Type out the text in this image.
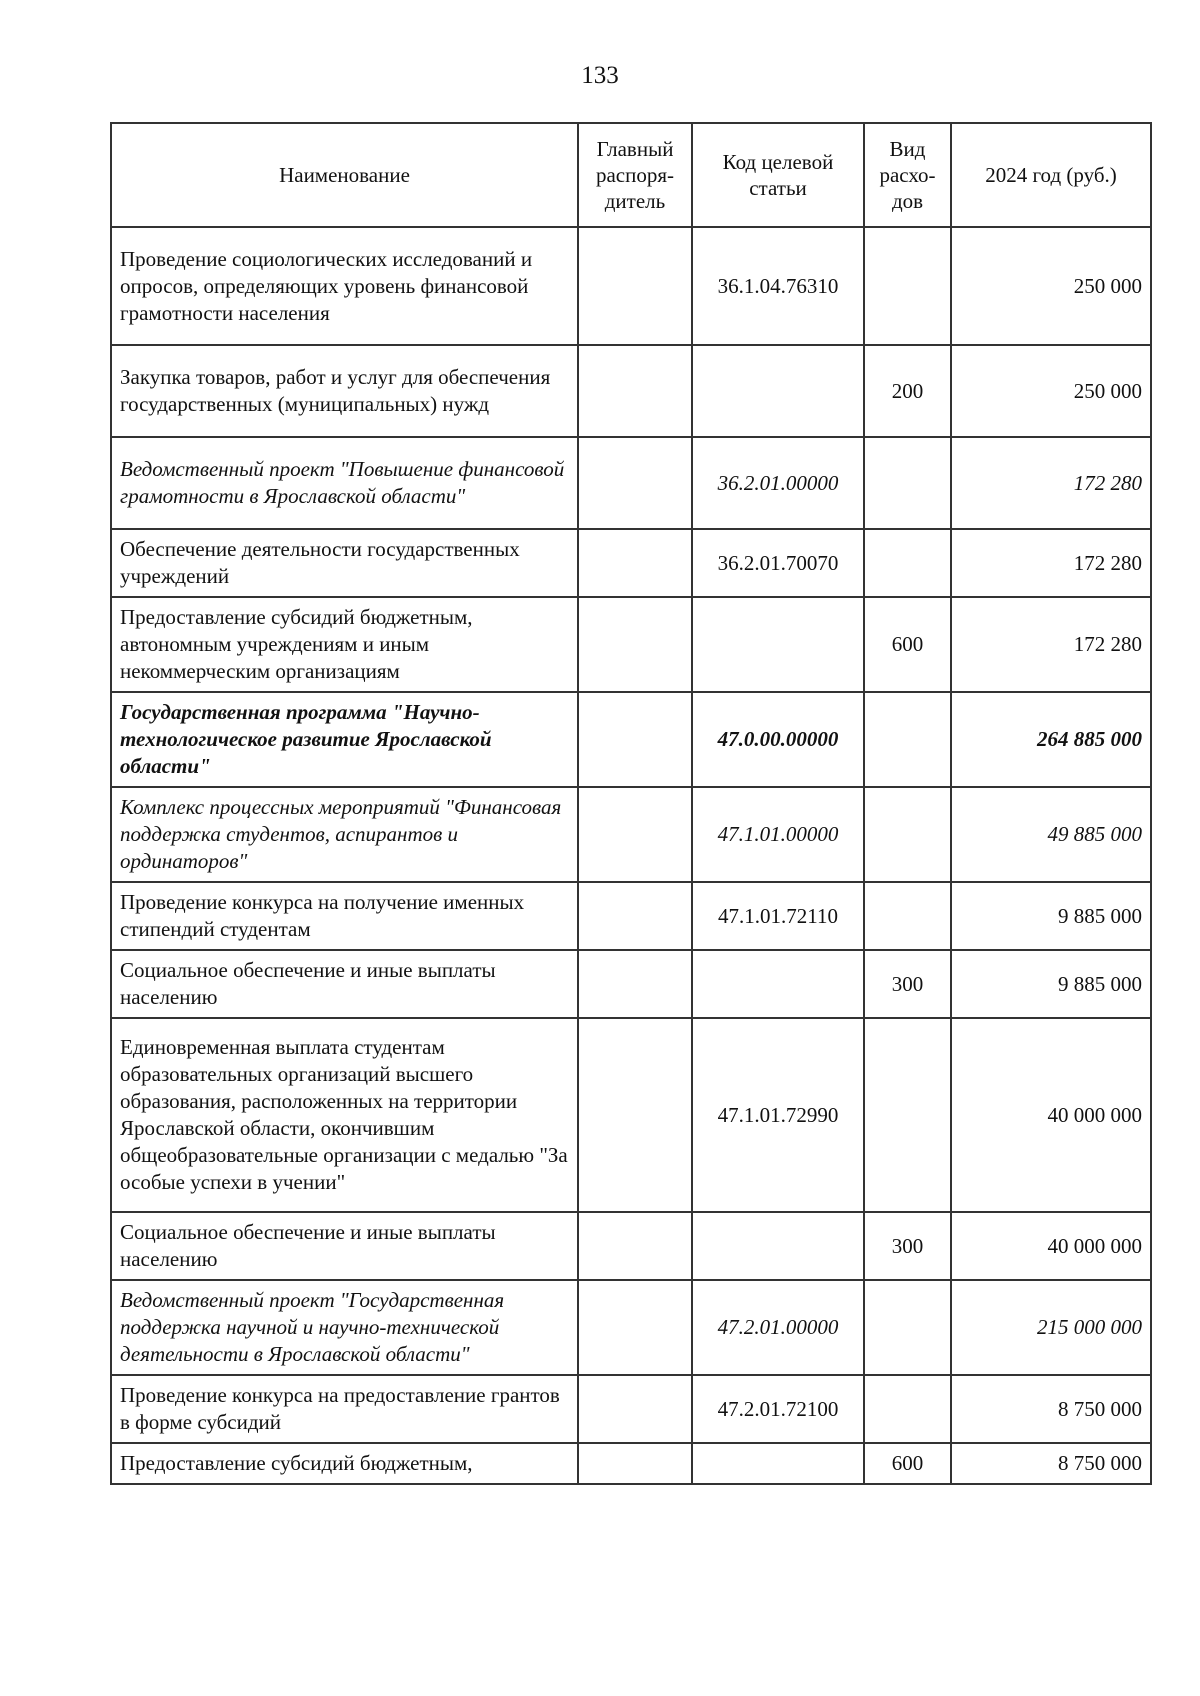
133
Наименование	Главный распоря-дитель	Код целевой статьи	Вид расхо-дов	2024 год (руб.)
Проведение социологических исследований и опросов, определяющих уровень финансовой грамотности населения		36.1.04.76310		250 000
Закупка товаров, работ и услуг для обеспечения государственных (муниципальных) нужд			200	250 000
Ведомственный проект "Повышение финансовой грамотности в Ярославской области"		36.2.01.00000		172 280
Обеспечение деятельности государственных учреждений		36.2.01.70070		172 280
Предоставление субсидий бюджетным, автономным учреждениям и иным некоммерческим организациям			600	172 280
Государственная программа "Научно-технологическое развитие Ярославской области"		47.0.00.00000		264 885 000
Комплекс процессных мероприятий "Финансовая поддержка студентов, аспирантов и ординаторов"		47.1.01.00000		49 885 000
Проведение конкурса на получение именных стипендий студентам		47.1.01.72110		9 885 000
Социальное обеспечение и иные выплаты населению			300	9 885 000
Единовременная выплата студентам образовательных организаций высшего образования, расположенных на территории Ярославской области, окончившим общеобразовательные организации с медалью "За особые успехи в учении"		47.1.01.72990		40 000 000
Социальное обеспечение и иные выплаты населению			300	40 000 000
Ведомственный проект "Государственная поддержка научной и научно-технической деятельности в Ярославской области"		47.2.01.00000		215 000 000
Проведение конкурса на предоставление грантов в форме субсидий		47.2.01.72100		8 750 000
Предоставление субсидий бюджетным,			600	8 750 000
